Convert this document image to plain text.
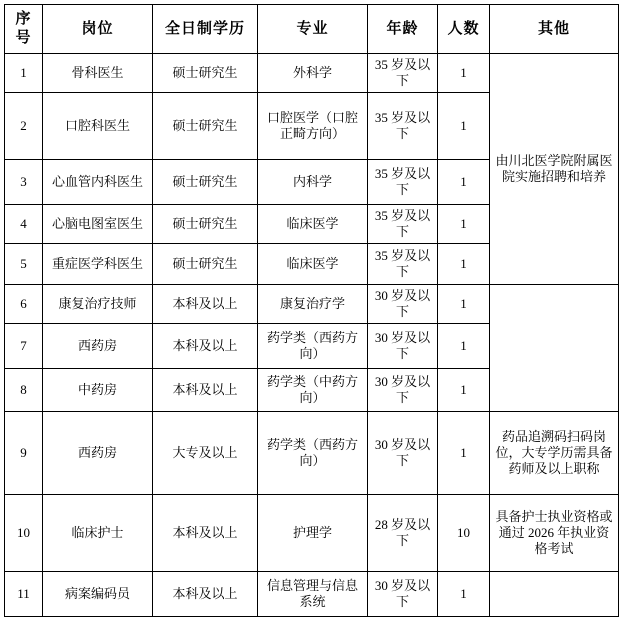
序号	岗位	全日制学历	专业	年龄	人数	其他
1	骨科医生	硕士研究生	外科学	35 岁及以下	1	由川北医学院附属医院实施招聘和培养
2	口腔科医生	硕士研究生	口腔医学（口腔正畸方向）	35 岁及以下	1	
3	心血管内科医生	硕士研究生	内科学	35 岁及以下	1	
4	心脑电图室医生	硕士研究生	临床医学	35 岁及以下	1	
5	重症医学科医生	硕士研究生	临床医学	35 岁及以下	1	
6	康复治疗技师	本科及以上	康复治疗学	30 岁及以下	1	
7	西药房	本科及以上	药学类（西药方向）	30 岁及以下	1	
8	中药房	本科及以上	药学类（中药方向）	30 岁及以下	1	
9	西药房	大专及以上	药学类（西药方向）	30 岁及以下	1	药品追溯码扫码岗位，大专学历需具备药师及以上职称
10	临床护士	本科及以上	护理学	28 岁及以下	10	具备护士执业资格或通过 2026 年执业资格考试
11	病案编码员	本科及以上	信息管理与信息系统	30 岁及以下	1	
